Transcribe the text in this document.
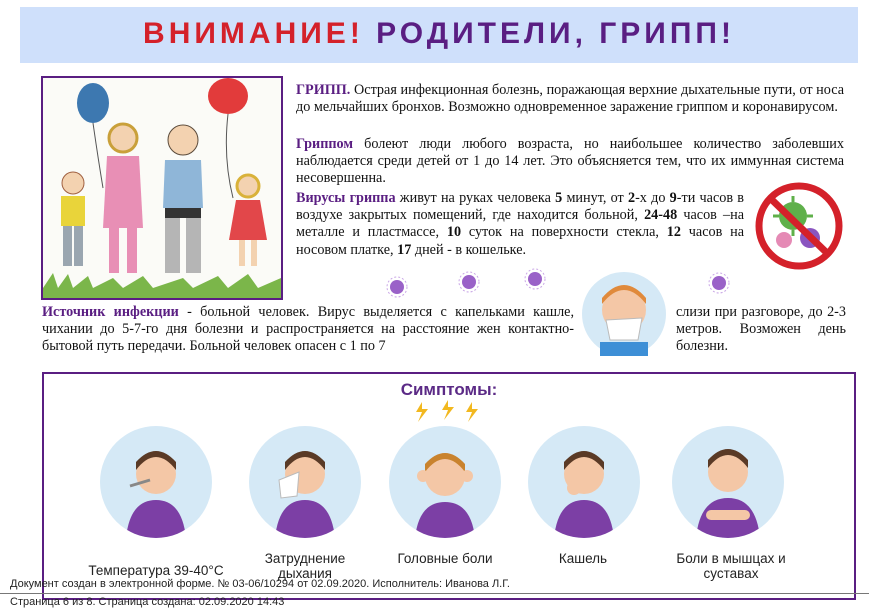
ВНИМАНИЕ! РОДИТЕЛИ, ГРИПП!
ГРИПП. Острая инфекционная болезнь, поражающая верхние дыхательные пути, от носа до мельчайших бронхов. Возможно одновременное заражение гриппом и коронавирусом.
Гриппом болеют люди любого возраста, но наибольшее количество заболевших наблюдается среди детей от 1 до 14 лет. Это объясняется тем, что их иммунная система несовершенна.
Вирусы гриппа живут на руках человека 5 минут, от 2-х до 9-ти часов в воздухе закрытых помещений, где находится больной, 24-48 часов –на металле и пластмассе, 10 суток на поверхности стекла, 12 часов на носовом платке, 17 дней - в кошельке.
Источник инфекции - больной человек. Вирус выделяется с капельками кашле, чихании до 5-7-го дня болезни и распространяется на расстояние жен контактно-бытовой путь передачи. Больной человек опасен с 1 по 7
слизи при разговоре, до 2-3 метров. Возможен день болезни.
Симптомы:
Температура 39-40°С
Затруднение дыхания
Головные боли	Кашель	Боли в мышцах и суставах
Документ создан в электронной форме. № 03-06/10294 от 02.09.2020. Исполнитель: Иванова Л.Г.
Страница 6 из 8. Страница создана: 02.09.2020 14:43
